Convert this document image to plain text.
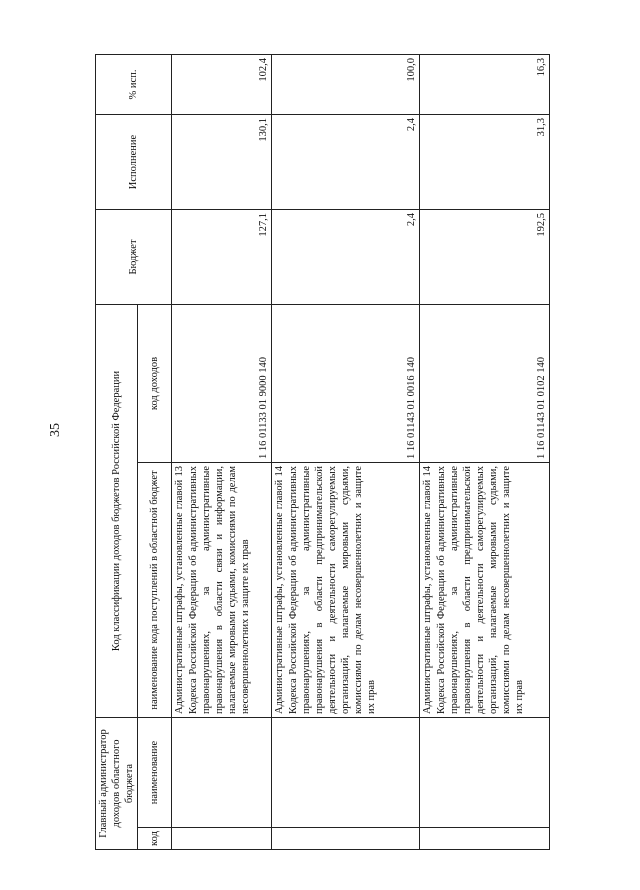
35
Главный администратор доходов областного бюджета		Код классификации доходов бюджетов Российской Федерации		Бюджет	Исполнение	% исп.
код	наименование	наименование кода поступлений в областной бюджет	код доходов			
		Административные штрафы, установленные главой 13 Кодекса Российской Федерации об административных правонарушениях, за административные правонарушения в области связи и информации, налагаемые мировыми судьями, комиссиями по делам несовершеннолетних и защите их прав	1 16 01133 01 9000 140	127,1	130,1	102,4
		Административные штрафы, установленные главой 14 Кодекса Российской Федерации об административных правонарушениях, за административные правонарушения в области предпринимательской деятельности и деятельности саморегулируемых организаций, налагаемые мировыми судьями, комиссиями по делам несовершеннолетних и защите их прав	1 16 01143 01 0016 140	2,4	2,4	100,0
		Административные штрафы, установленные главой 14 Кодекса Российской Федерации об административных правонарушениях, за административные правонарушения в области предпринимательской деятельности и деятельности саморегулируемых организаций, налагаемые мировыми судьями, комиссиями по делам несовершеннолетних и защите их прав	1 16 01143 01 0102 140	192,5	31,3	16,3
